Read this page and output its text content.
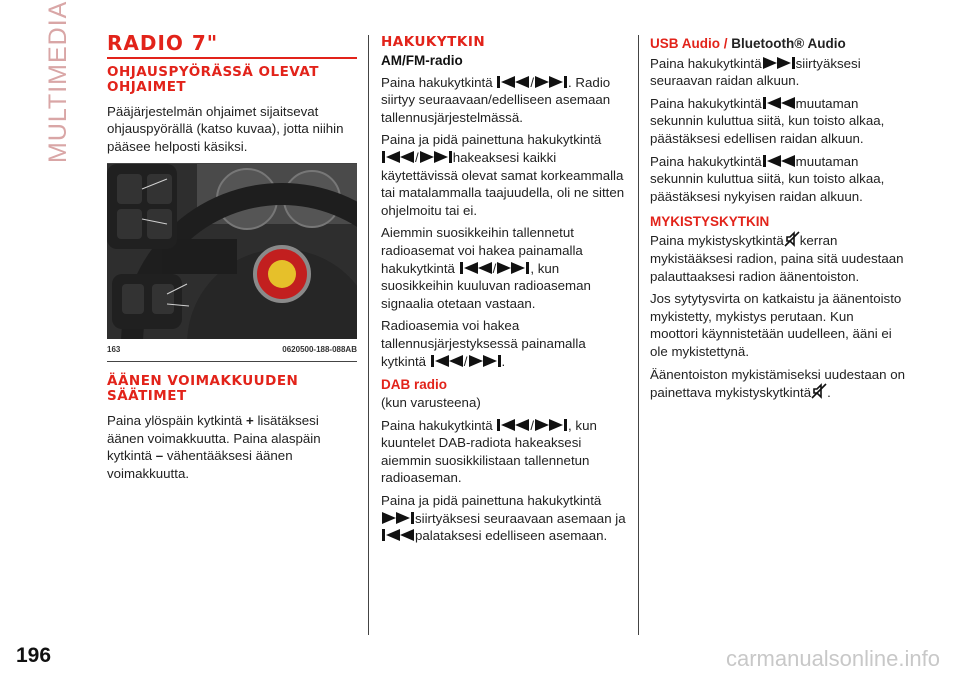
MULTIMEDIA RADIO 7"
OHJAUSPYÖRÄSSÄ OLEVAT OHJAIMET

Pääjärjestelmän ohjaimet sijaitsevat ohjauspyörällä (katso kuvaa), jotta niihin pääsee helposti käsiksi.

163	0620500-188-088AB
ÄÄNEN VOIMAKKUUDEN SÄÄTIMET

Paina ylöspäin kytkintä + lisätäksesi äänen voimakkuutta. Paina alaspäin kytkintä – vähentääksesi äänen voimakkuutta.

HAKUKYTKIN
AM/FM-radio

Paina hakukytkintä	/	. Radio siirtyy seuraavaan/edelliseen asemaan tallennusjärjestelmässä.

Paina ja pidä painettuna hakukytkintä /	hakeaksesi kaikki käytettävissä olevat samat korkeammalla tai matalammalla taajuudella, oli ne sitten ohjelmoitu tai ei.

Aiemmin suosikkeihin tallennetut radioasemat voi hakea painamalla hakukytkintä	/	, kun suosikkeihin kuuluvan radioaseman signaalia otetaan vastaan.

Radioasemia voi hakea tallennusjärjestyksessä painamalla kytkintä	/	.

DAB radio

(kun varusteena)

Paina hakukytkintä	/	, kun kuuntelet DAB-radiota hakeaksesi aiemmin suosikkilistaan tallennetun radioaseman.

Paina ja pidä painettuna hakukytkintä siirtyäksesi seuraavaan asemaan ja palataksesi edelliseen asemaan.

USB Audio / Bluetooth® Audio

Paina hakukytkintä	siirtyäksesi seuraavan raidan alkuun.

Paina hakukytkintä	muutaman sekunnin kuluttua siitä, kun toisto alkaa, päästäksesi edellisen raidan alkuun.

Paina hakukytkintä	muutaman sekunnin kuluttua siitä, kun toisto alkaa, päästäksesi nykyisen raidan alkuun.

MYKISTYSKYTKIN

Paina mykistyskytkintä kerran mykistääksesi radion, paina sitä uudestaan palauttaaksesi radion äänentoiston.

Jos sytytysvirta on katkaistu ja äänentoisto mykistetty, mykistys perutaan. Kun moottori käynnistetään uudelleen, ääni ei ole mykistettynä.

Äänentoiston mykistämiseksi uudestaan on painettava mykistyskytkintä .

196	carmanualsonline.info
